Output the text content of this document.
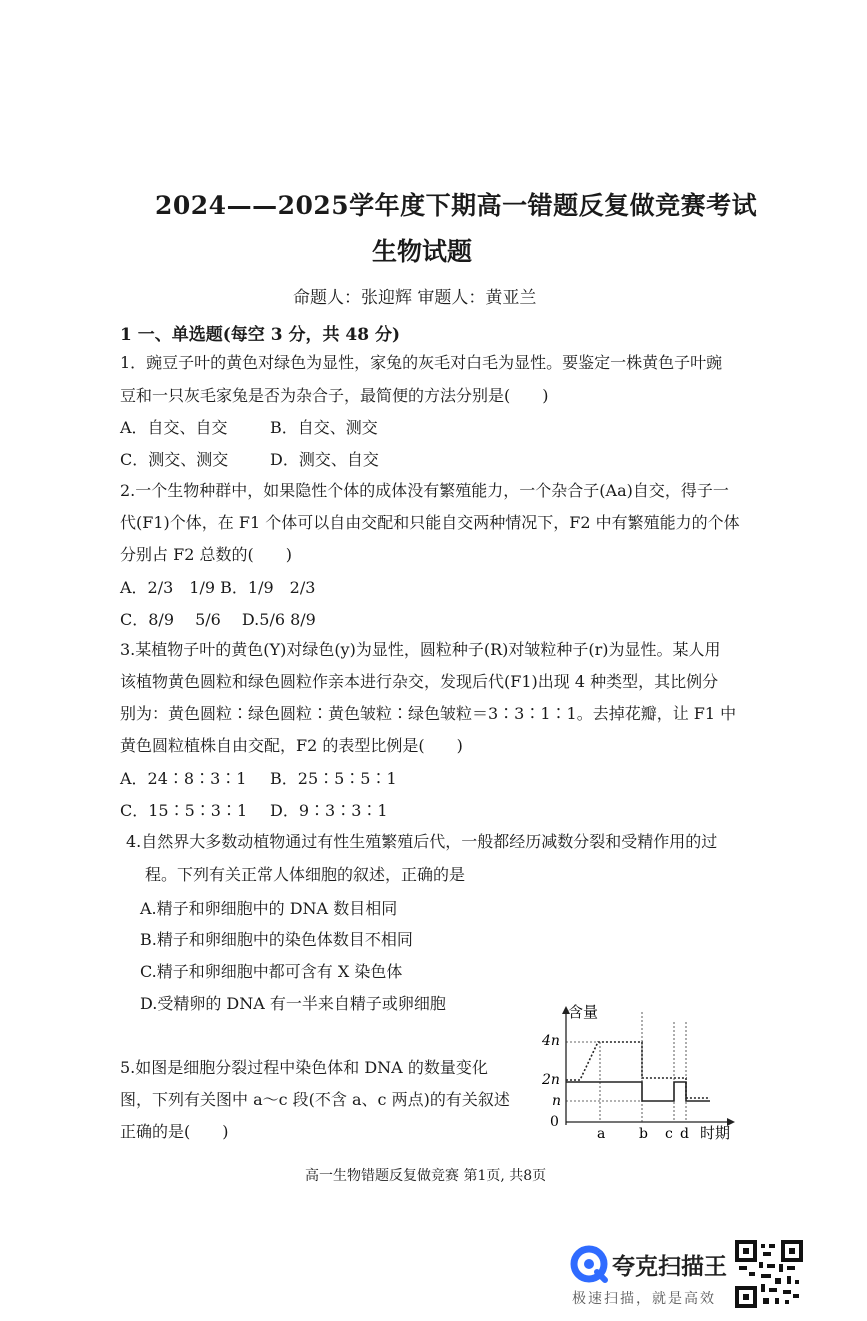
2024——2025学年度下期高一错题反复做竞赛考试
生物试题
命题人：张迎辉 审题人：黄亚兰
1 一、单选题(每空 3 分，共 48 分)
1．豌豆子叶的黄色对绿色为显性，家兔的灰毛对白毛为显性。要鉴定一株黄色子叶豌
豆和一只灰毛家兔是否为杂合子，最简便的方法分别是(　　)
A．自交、自交	B．自交、测交
C．测交、测交	D．测交、自交
2.一个生物种群中，如果隐性个体的成体没有繁殖能力，一个杂合子(Aa)自交，得子一
代(F1)个体，在 F1 个体可以自由交配和只能自交两种情况下，F2 中有繁殖能力的个体
分别占 F2 总数的(　　)
A．2/3　1/9 B．1/9　2/3
C．8/9　 5/6　 D.5/6 8/9
3.某植物子叶的黄色(Y)对绿色(y)为显性，圆粒种子(R)对皱粒种子(r)为显性。某人用
该植物黄色圆粒和绿色圆粒作亲本进行杂交，发现后代(F1)出现 4 种类型，其比例分
别为：黄色圆粒∶绿色圆粒∶黄色皱粒∶绿色皱粒＝3∶3∶1∶1。去掉花瓣，让 F1 中
黄色圆粒植株自由交配，F2 的表型比例是(　　)
A．24∶8∶3∶1 B．25∶5∶5∶1
C．15∶5∶3∶1 D．9∶3∶3∶1
4.自然界大多数动植物通过有性生殖繁殖后代，一般都经历减数分裂和受精作用的过
程。下列有关正常人体细胞的叙述，正确的是
A.精子和卵细胞中的 DNA 数目相同
B.精子和卵细胞中的染色体数目不相同
C.精子和卵细胞中都可含有 X 染色体
D.受精卵的 DNA 有一半来自精子或卵细胞
5.如图是细胞分裂过程中染色体和 DNA 的数量变化
图，下列有关图中 a～c 段(不含 a、c 两点)的有关叙述
正确的是(　　)
含量
时期
4n
2n
n
0
a b c d
高一生物错题反复做竞赛 第1页, 共8页
夸克扫描王
极速扫描，就是高效
